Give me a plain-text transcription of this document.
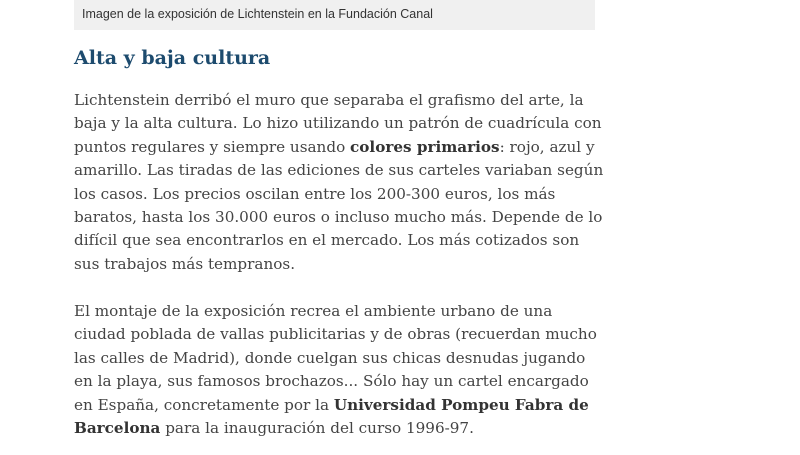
Imagen de la exposición de Lichtenstein en la Fundación Canal
Alta y baja cultura

Lichtenstein derribó el muro que separaba el grafismo del arte, la baja y la alta cultura. Lo hizo utilizando un patrón de cuadrícula con puntos regulares y siempre usando colores primarios: rojo, azul y amarillo. Las tiradas de las ediciones de sus carteles variaban según los casos. Los precios oscilan entre los 200-300 euros, los más baratos, hasta los 30.000 euros o incluso mucho más. Depende de lo difícil que sea encontrarlos en el mercado. Los más cotizados son sus trabajos más tempranos.

El montaje de la exposición recrea el ambiente urbano de una ciudad poblada de vallas publicitarias y de obras (recuerdan mucho las calles de Madrid), donde cuelgan sus chicas desnudas jugando en la playa, sus famosos brochazos... Sólo hay un cartel encargado en España, concretamente por la Universidad Pompeu Fabra de Barcelona para la inauguración del curso 1996-97.
